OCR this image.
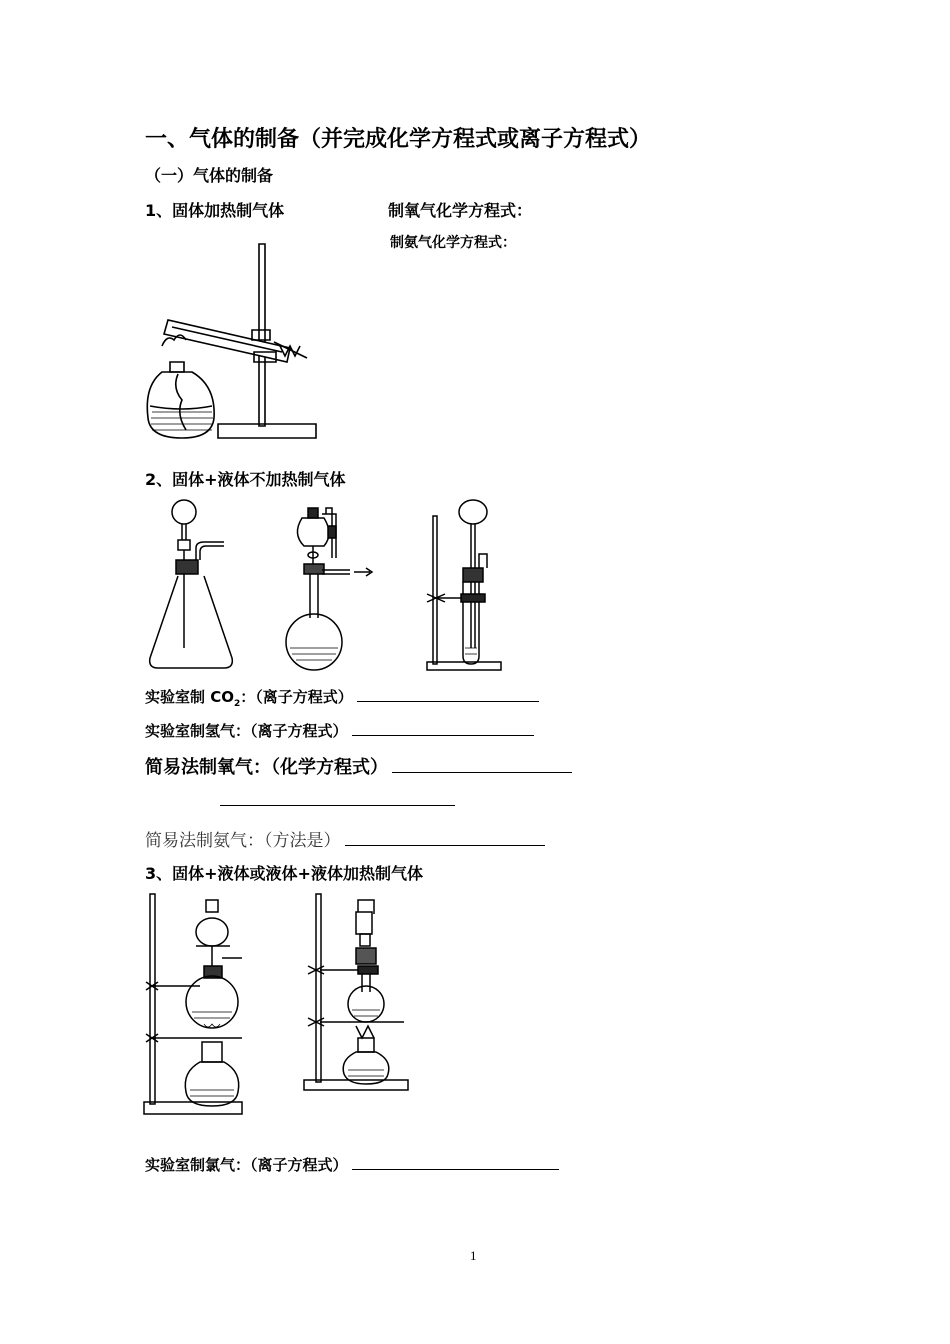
一、气体的制备（并完成化学方程式或离子方程式）
（一）气体的制备
1、固体加热制气体	制氧气化学方程式：
制氨气化学方程式：
2、固体+液体不加热制气体
实验室制 $CO_2$：（离子方程式）
实验室制氢气：（离子方程式）
简易法制氧气：（化学方程式）
简易法制氨气：（方法是）
3、固体+液体或液体+液体加热制气体
实验室制氯气：（离子方程式）
1
